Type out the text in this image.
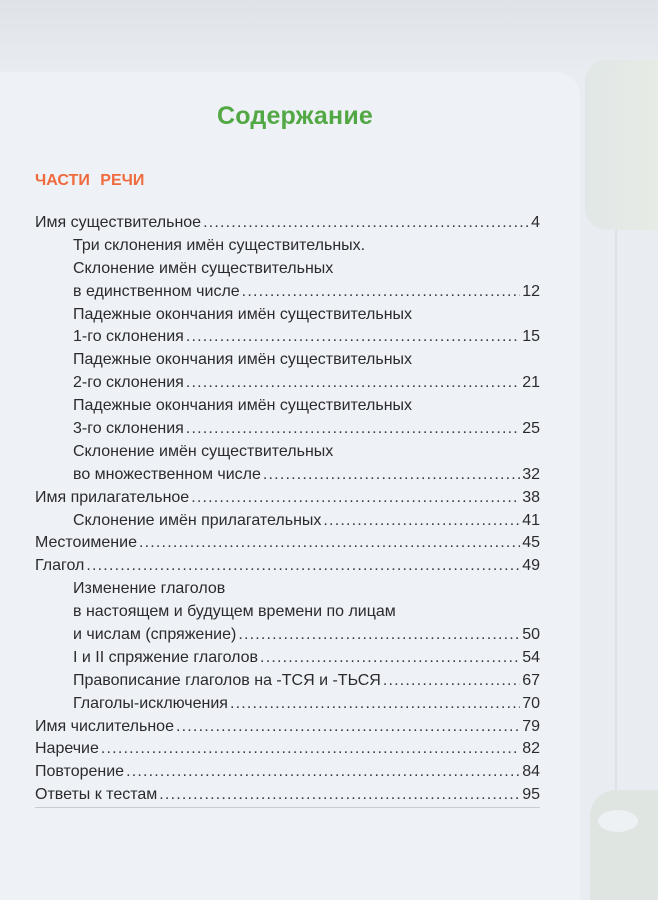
Содержание
ЧАСТИ РЕЧИ
Имя существительное .....	4
Три склонения имён существительных.
Склонение имён существительных
в единственном числе .....	12
Падежные окончания имён существительных
1-го склонения .....	15
Падежные окончания имён существительных
2-го склонения .....	21
Падежные окончания имён существительных
3-го склонения .....	25
Склонение имён существительных
во множественном числе .....	32
Имя прилагательное .....	38
Склонение имён прилагательных .....	41
Местоимение .....	45
Глагол .....	49
Изменение глаголов
в настоящем и будущем времени по лицам
и числам (спряжение) .....	50
I и II спряжение глаголов .....	54
Правописание глаголов на -ТСЯ и -ТЬСЯ .....	67
Глаголы-исключения .....	70
Имя числительное .....	79
Наречие .....	82
Повторение .....	84
Ответы к тестам .....	95
